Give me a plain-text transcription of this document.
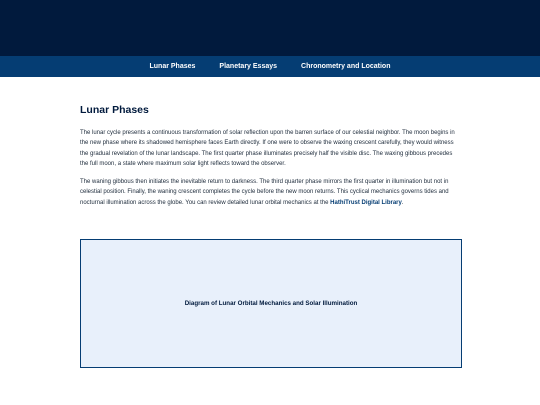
Lunar Phases	Planetary Essays	Chronometry and Location
Lunar Phases

The lunar cycle presents a continuous transformation of solar reflection upon the barren surface of our celestial neighbor. The moon begins in the new phase where its shadowed hemisphere faces Earth directly. If one were to observe the waxing crescent carefully, they would witness the gradual revelation of the lunar landscape. The first quarter phase illuminates precisely half the visible disc. The waxing gibbous precedes the full moon, a state where maximum solar light reflects toward the observer.

The waning gibbous then initiates the inevitable return to darkness. The third quarter phase mirrors the first quarter in illumination but not in celestial position. Finally, the waning crescent completes the cycle before the new moon returns. This cyclical mechanics governs tides and nocturnal illumination across the globe. You can review detailed lunar orbital mechanics at the HathiTrust Digital Library.

Diagram of Lunar Orbital Mechanics and Solar Illumination
